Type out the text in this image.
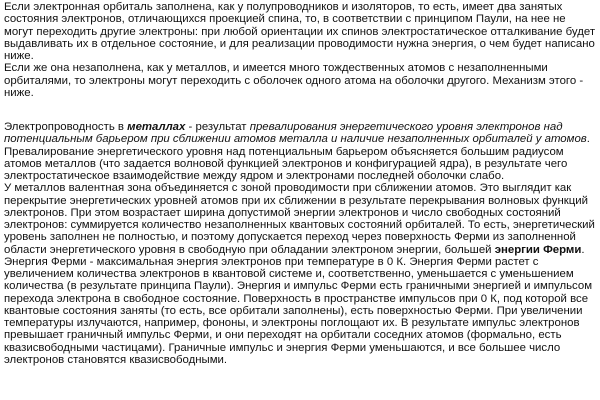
Если электронная орбиталь заполнена, как у полупроводников и изоляторов, то есть, имеет два занятых состояния электронов, отличающихся проекцией спина, то, в соответствии с принципом Паули, на нее не могут переходить другие электроны: при любой ориентации их спинов электростатическое отталкивание будет выдавливать их в отдельное состояние, и для реализации проводимости нужна энергия, о чем будет написано ниже.

Если же она незаполнена, как у металлов, и имеется много тождественных атомов с незаполненными орбиталями, то электроны могут переходить с оболочек одного атома на оболочки другого. Механизм этого - ниже.

Электропроводность в металлах - результат превалирования энергетического уровня электронов над потенциальным барьером при сближении атомов металла и наличие незаполненных орбиталей у атомов.

Превалирование энергетического уровня над потенциальным барьером объясняется большим радиусом атомов металлов (что задается волновой функцией электронов и конфигурацией ядра), в результате чего электростатическое взаимодействие между ядром и электронами последней оболочки слабо.

У металлов валентная зона объединяется с зоной проводимости при сближении атомов. Это выглядит как перекрытие энергетических уровней атомов при их сближении в результате перекрывания волновых функций электронов. При этом возрастает ширина допустимой энергии электронов и число свободных состояний электронов: суммируется количество незаполненных квантовых состояний орбиталей. То есть, энергетический уровень заполнен не полностью, и поэтому допускается переход через поверхность Ферми из заполненной области энергетического уровня в свободную при обладании электроном энергии, большей энергии Ферми.

Энергия Ферми - максимальная энергия электронов при температуре в 0 К. Энергия Ферми растет с увеличением количества электронов в квантовой системе и, соответственно, уменьшается с уменьшением количества (в результате принципа Паули). Энергия и импульс Ферми есть граничными энергией и импульсом перехода электрона в свободное состояние. Поверхность в пространстве импульсов при 0 К, под которой все квантовые состояния заняты (то есть, все орбитали заполнены), есть поверхностью Ферми. При увеличении температуры излучаются, например, фононы, и электроны поглощают их. В результате импульс электронов превышает граничный импульс Ферми, и они переходят на орбитали соседних атомов (формально, есть квазисвободными частицами). Граничные импульс и энергия Ферми уменьшаются, и все большее число электронов становятся квазисвободными.
